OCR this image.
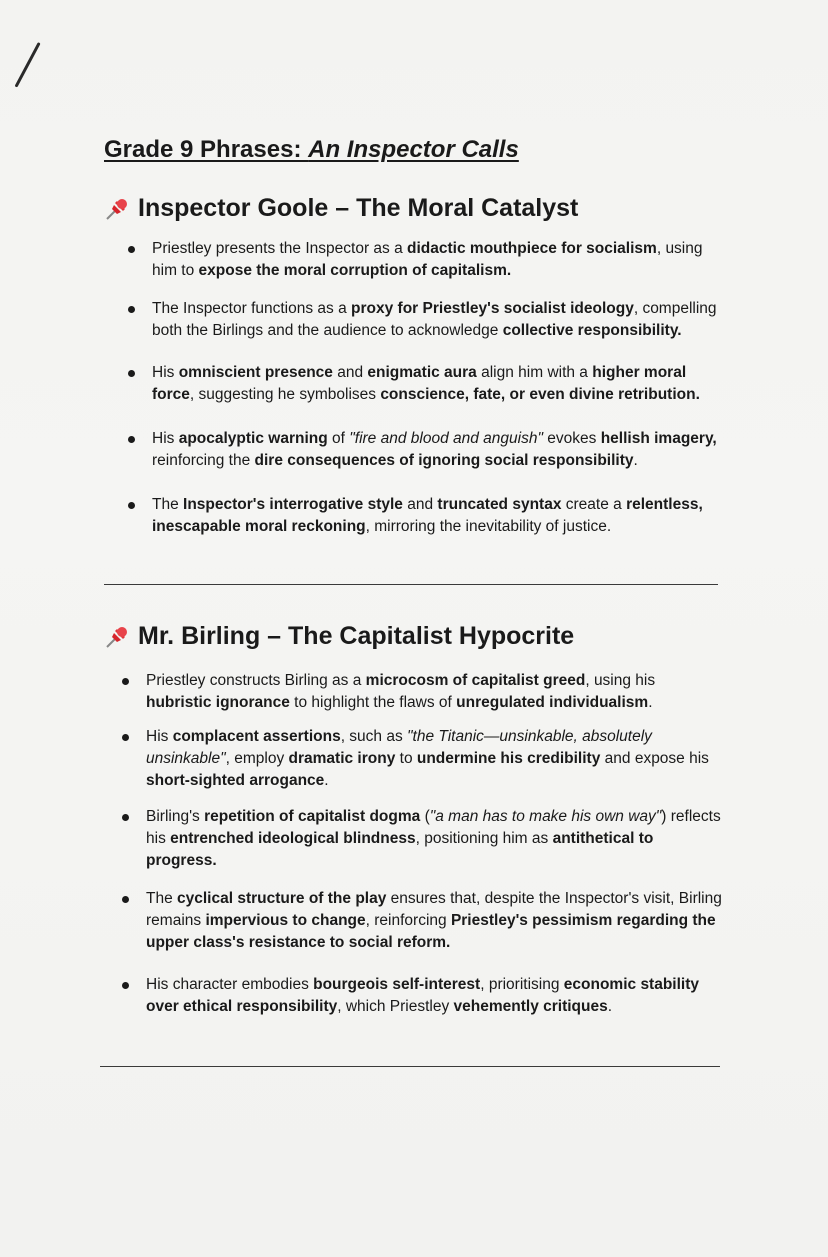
Grade 9 Phrases: An Inspector Calls
Inspector Goole – The Moral Catalyst
Priestley presents the Inspector as a didactic mouthpiece for socialism, using him to expose the moral corruption of capitalism.
The Inspector functions as a proxy for Priestley's socialist ideology, compelling both the Birlings and the audience to acknowledge collective responsibility.
His omniscient presence and enigmatic aura align him with a higher moral force, suggesting he symbolises conscience, fate, or even divine retribution.
His apocalyptic warning of "fire and blood and anguish" evokes hellish imagery, reinforcing the dire consequences of ignoring social responsibility.
The Inspector's interrogative style and truncated syntax create a relentless, inescapable moral reckoning, mirroring the inevitability of justice.
Mr. Birling – The Capitalist Hypocrite
Priestley constructs Birling as a microcosm of capitalist greed, using his hubristic ignorance to highlight the flaws of unregulated individualism.
His complacent assertions, such as "the Titanic—unsinkable, absolutely unsinkable", employ dramatic irony to undermine his credibility and expose his short-sighted arrogance.
Birling's repetition of capitalist dogma ("a man has to make his own way") reflects his entrenched ideological blindness, positioning him as antithetical to progress.
The cyclical structure of the play ensures that, despite the Inspector's visit, Birling remains impervious to change, reinforcing Priestley's pessimism regarding the upper class's resistance to social reform.
His character embodies bourgeois self-interest, prioritising economic stability over ethical responsibility, which Priestley vehemently critiques.
